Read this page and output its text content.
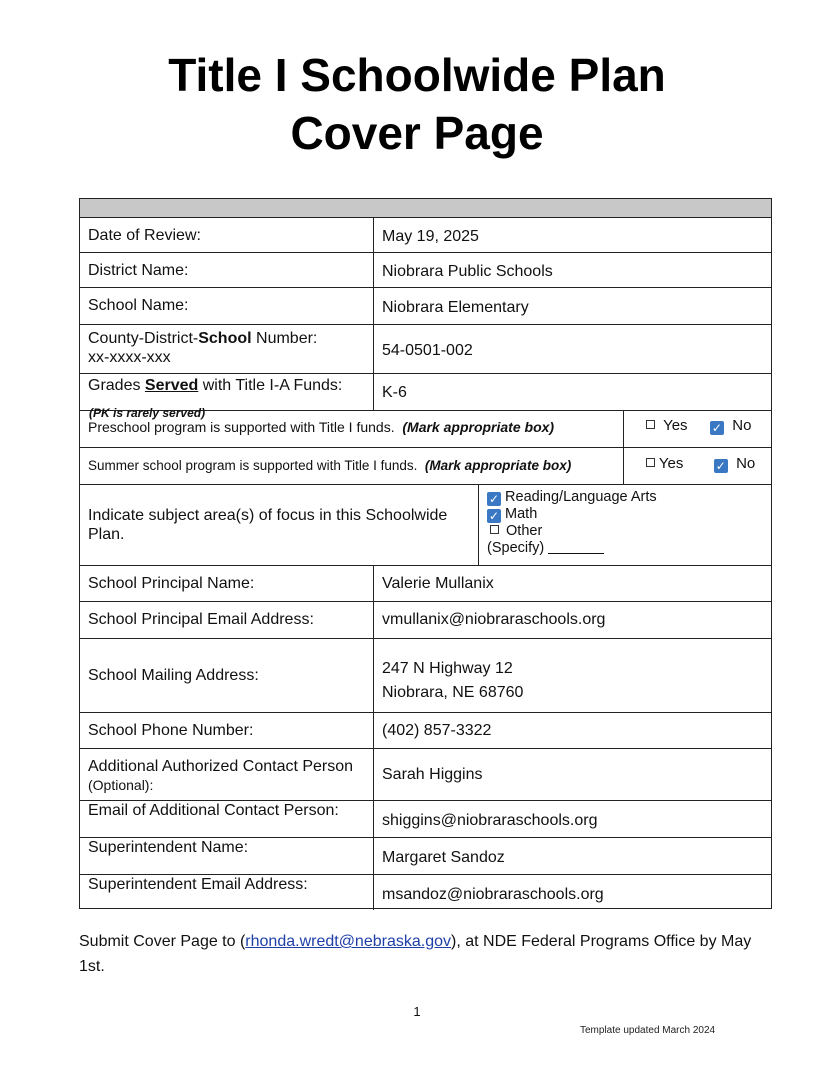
Title I Schoolwide Plan
Cover Page
Date of Review:	May 19, 2025
District Name:	Niobrara Public Schools
School Name:	Niobrara Elementary
County-District-School Number:
xx-xxxx-xxx	54-0501-002
Grades Served with Title I-A Funds:	K-6
(PK is rarely served)
Preschool program is supported with Title I funds. (Mark appropriate box)	Yes ✓ No
Summer school program is supported with Title I funds. (Mark appropriate box)	Yes	✓ No
Indicate subject area(s) of focus in this Schoolwide Plan.
✓ Reading/Language Arts
✓ Math
Other
(Specify)
School Principal Name:	Valerie Mullanix
School Principal Email Address:	vmullanix@niobraraschools.org
School Mailing Address:	247 N Highway 12
Niobrara, NE 68760
School Phone Number:	(402) 857-3322
Additional Authorized Contact Person
(Optional):
Sarah Higgins
Email of Additional Contact Person:
shiggins@niobraraschools.org
Superintendent Name:
Margaret Sandoz
Superintendent Email Address:
msandoz@niobraraschools.org
Submit Cover Page to (rhonda.wredt@nebraska.gov), at NDE Federal Programs Office by May 1st.
1
Template updated March 2024
